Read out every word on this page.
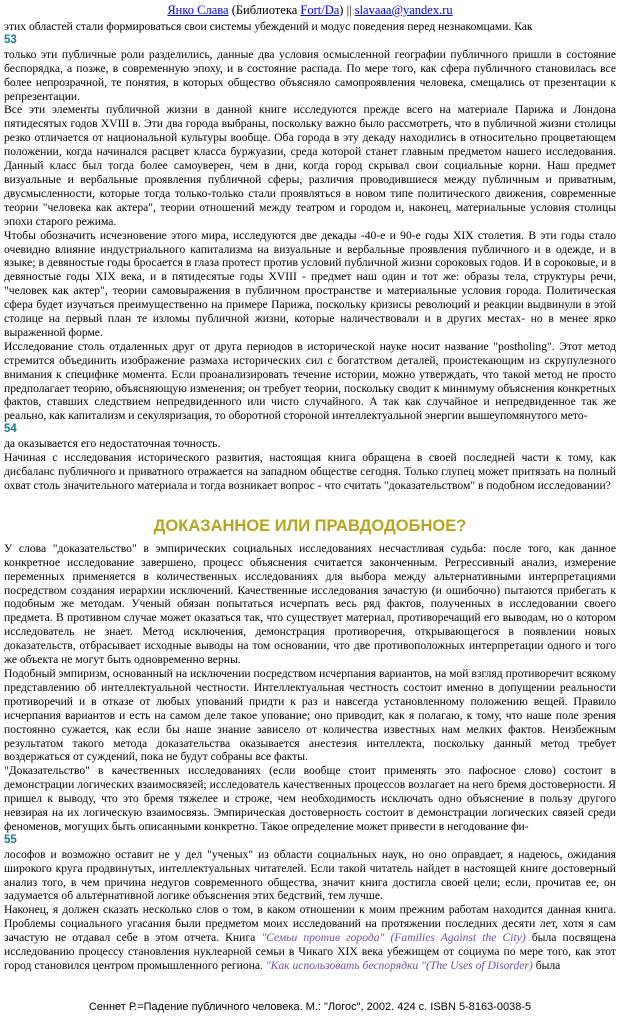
Янко Слава (Библиотека Fort/Da) || slavaaa@yandex.ru

этих областей стали формироваться свои системы убеждений и модус поведения перед незнакомцами. Как

53

только эти публичные роли разделились, данные два условия осмысленной географии публичного пришли в состояние беспорядка, а позже, в современную эпоху, и в состояние распада. По мере того, как сфера публичного становилась все более непрозрачной, те понятия, в которых общество объясняло самопроявления человека, смещались от презентации к репрезентации.

Все эти элементы публичной жизни в данной книге исследуются прежде всего на материале Парижа и Лондона пятидесятых годов XVIII в. Эти два города выбраны, поскольку важно было рассмотреть, что в публичной жизни столицы резко отличается от национальной культуры вообще. Оба города в эту декаду находились в относительно процветающем положении, когда начинался расцвет класса буржуазии, среда которой станет главным предметом нашего исследования. Данный класс был тогда более самоуверен, чем в дни, когда город скрывал свои социальные корни. Наш предмет визуальные и вербальные проявления публичной сферы, различия проводившиеся между публичным и приватным, двусмысленности, которые тогда только-только стали проявляться в новом типе политического движения, современные теории "человека как актера", теории отношений между театром и городом и, наконец, материальные условия столицы эпохи старого режима.

Чтобы обозначить исчезновение этого мира, исследуются две декады -40-е и 90-е годы XIX столетия. В эти годы стало очевидно влияние индустриального капитализма на визуальные и вербальные проявления публичного и в одежде, и в языке; в девяностые годы бросается в глаза протест против условий публичной жизни сороковых годов. И в сороковые, и в девяностые годы XIX века, и в пятидесятые годы XVIII - предмет наш один и тот же: образы тела, структуры речи, "человек как актер", теории самовыражения в публичном пространстве и материальные условия города. Политическая сфера будет изучаться преимущественно на примере Парижа, поскольку кризисы революций и реакции выдвинули в этой столице на первый план те изломы публичной жизни, которые наличествовали и в других местах- но в менее ярко выраженной форме.

Исследование столь отдаленных друг от друга периодов в исторической науке носит название "postholing". Этот метод стремится объединить изображение размаха исторических сил с богатством деталей, проистекающим из скрупулезного внимания к специфике момента. Если проанализировать течение истории, можно утверждать, что такой метод не просто предполагает теорию, объясняющую изменения; он требует теории, поскольку сводит к минимуму объяснения конкретных фактов, ставших следствием непредвиденного или чисто случайного. А так как случайное и непредвиденное так же реально, как капитализм и секуляризация, то оборотной стороной интеллектуальной энергии вышеупомянутого мето-

54

да оказывается его недостаточная точность.

Начиная с исследования исторического развития, настоящая книга обращена в своей последней части к тому, как дисбаланс публичного и приватного отражается на западном обществе сегодня. Только глупец может притязать на полный охват столь значительного материала и тогда возникает вопрос - что считать "доказательством" в подобном исследовании?

ДОКАЗАННОЕ ИЛИ ПРАВДОДОБНОЕ?

У слова "доказательство" в эмпирических социальных исследованиях несчастливая судьба: после того, как данное конкретное исследование завершено, процесс объяснения считается законченным. Регрессивный анализ, измерение переменных применяется в количественных исследованиях для выбора между альтернативными интерпретациями посредством создания иерархии исключений. Качественные исследования зачастую (и ошибочно) пытаются прибегать к подобным же методам. Ученый обязан попытаться исчерпать весь ряд фактов, полученных в исследовании своего предмета. В противном случае может оказаться так, что существует материал, противоречащий его выводам, но о котором исследователь не знает. Метод исключения, демонстрация противоречия, открывающегося в появлении новых доказательств, отбрасывает исходные выводы на том основании, что две противоположных интерпретации одного и того же объекта не могут быть одновременно верны.

Подобный эмпиризм, основанный на исключении посредством исчерпания вариантов, на мой взгляд противоречит всякому представлению об интеллектуальной честности. Интеллектуальная честность состоит именно в допущении реальности противоречий и в отказе от любых упований придти к раз и навсегда установленному положению вещей. Правило исчерпания вариантов и есть на самом деле такое упование; оно приводит, как я полагаю, к тому, что наше поле зрения постоянно сужается, как если бы наше знание зависело от количества известных нам мелких фактов. Неизбежным результатом такого метода доказательства оказывается анестезия интеллекта, поскольку данный метод требует воздержаться от суждений, пока не будут собраны все факты.

"Доказательство" в качественных исследованиях (если вообще стоит применять это пафосное слово) состоит в демонстрации логических взаимосвязей; исследователь качественных процессов возлагает на него бремя достоверности. Я пришел к выводу, что это бремя тяжелее и строже, чем необходимость исключать одно объяснение в пользу другого невзирая на их логическую взаимосвязь. Эмпирическая достоверность состоит в демонстрации логических связей среди феноменов, могущих быть описанными конкретно. Такое определение может привести в негодование фи-

55

лософов и возможно оставит не у дел "ученых" из области социальных наук, но оно оправдает, я надеюсь, ожидания широкого круга продвинутых, интеллектуальных читателей. Если такой читатель найдет в настоящей книге достоверный анализ того, в чем причина недугов современного общества, значит книга достигла своей цели; если, прочитав ее, он задумается об альтернативной логике объяснения этих бедствий, тем лучше.

Наконец, я должен сказать несколько слов о том, в каком отношении к моим прежним работам находится данная книга. Проблемы социального угасания были предметом моих исследований на протяжении последних десяти лет, хотя я сам зачастую не отдавал себе в этом отчета. Книга "Семьи против города" (Families Against the City) была посвящена исследованию процессу становления нуклеарной семьи в Чикаго XIX века убежищем от социума по мере того, как этот город становился центром промышленного региона. "Как использовать беспорядки "(The Uses of Disorder) была

Сеннет Р.=Падение публичного человека. М.: "Логос", 2002. 424 с. ISBN 5-8163-0038-5
